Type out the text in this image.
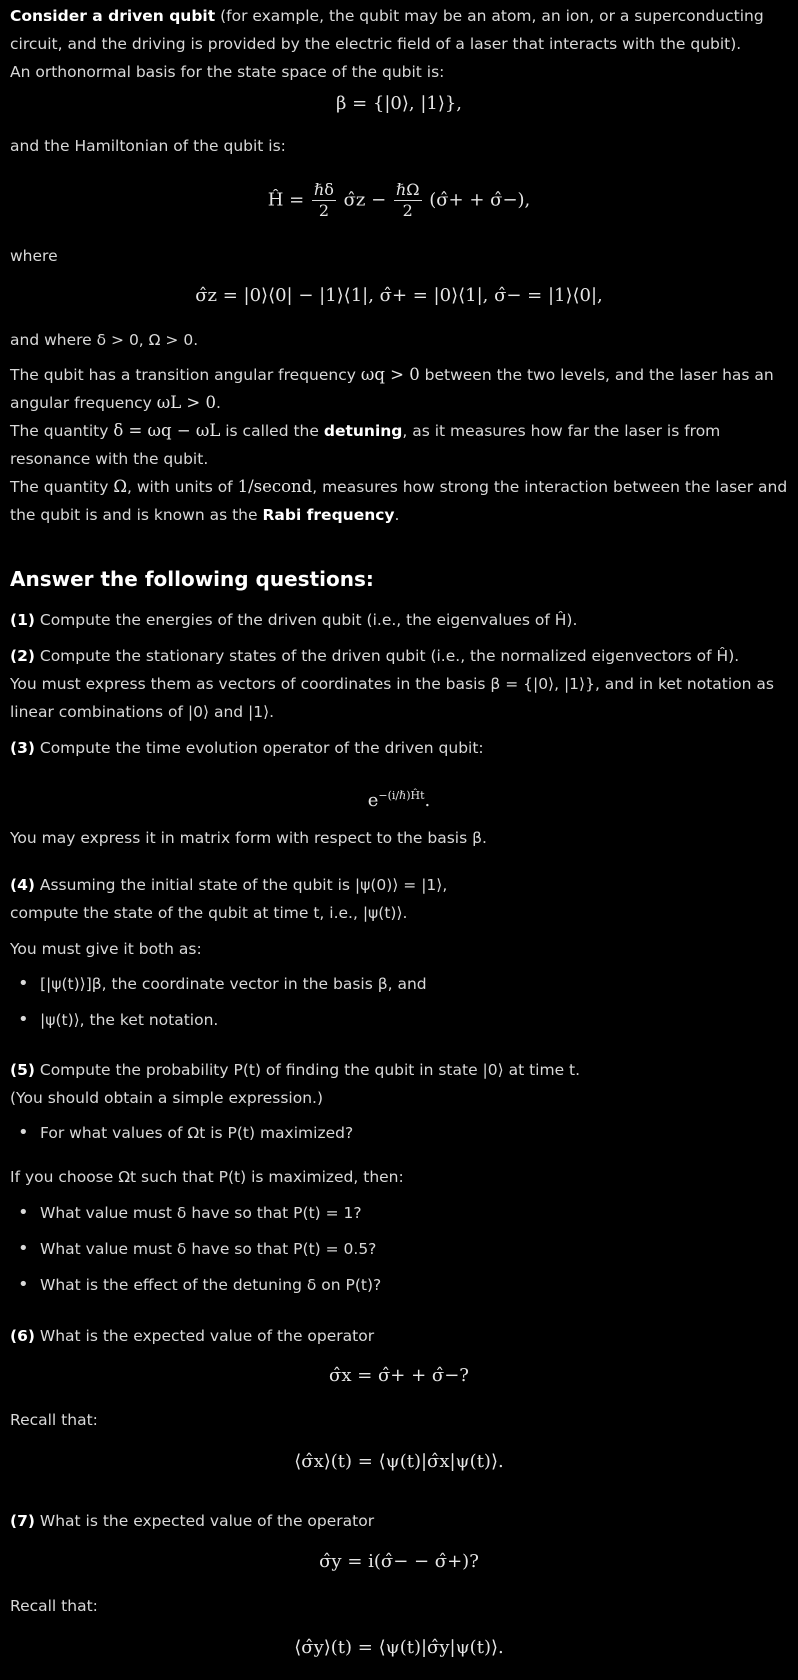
Consider a driven qubit (for example, the qubit may be an atom, an ion, or a superconducting circuit, and the driving is provided by the electric field of a laser that interacts with the qubit).
An orthonormal basis for the state space of the qubit is:
β = {|0⟩, |1⟩},
and the Hamiltonian of the qubit is:
Ĥ = $\frac{\text{ℏδ}}{2}$ σ̂z − $\frac{\text{ℏΩ}}{2}$ (σ̂+ + σ̂−),
where
σ̂z = |0⟩⟨0| − |1⟩⟨1|, σ̂+ = |0⟩⟨1|, σ̂− = |1⟩⟨0|,
and where δ > 0, Ω > 0.
The qubit has a transition angular frequency ωq > 0 between the two levels, and the laser has an angular frequency ωL > 0.
The quantity δ = ωq − ωL is called the detuning, as it measures how far the laser is from resonance with the qubit.
The quantity Ω, with units of 1/second, measures how strong the interaction between the laser and the qubit is and is known as the Rabi frequency.
Answer the following questions:
(1) Compute the energies of the driven qubit (i.e., the eigenvalues of Ĥ).
(2) Compute the stationary states of the driven qubit (i.e., the normalized eigenvectors of Ĥ).
You must express them as vectors of coordinates in the basis β = {|0⟩, |1⟩}, and in ket notation as linear combinations of |0⟩ and |1⟩.
(3) Compute the time evolution operator of the driven qubit:
$e^{-(i/\hbar)Ĥt}$.
You may express it in matrix form with respect to the basis β.
(4) Assuming the initial state of the qubit is |ψ(0)⟩ = |1⟩,
compute the state of the qubit at time t, i.e., |ψ(t)⟩.
You must give it both as:
• [|ψ(t)⟩]β, the coordinate vector in the basis β, and
• |ψ(t)⟩, the ket notation.
(5) Compute the probability P(t) of finding the qubit in state |0⟩ at time t.
(You should obtain a simple expression.)
• For what values of Ωt is P(t) maximized?
If you choose Ωt such that P(t) is maximized, then:
• What value must δ have so that P(t) = 1?
• What value must δ have so that P(t) = 0.5?
• What is the effect of the detuning δ on P(t)?
(6) What is the expected value of the operator
σ̂x = σ̂+ + σ̂−?
Recall that:
⟨σ̂x⟩(t) = ⟨ψ(t)|σ̂x|ψ(t)⟩.
(7) What is the expected value of the operator
σ̂y = i(σ̂− − σ̂+)?
Recall that:
⟨σ̂y⟩(t) = ⟨ψ(t)|σ̂y|ψ(t)⟩.
